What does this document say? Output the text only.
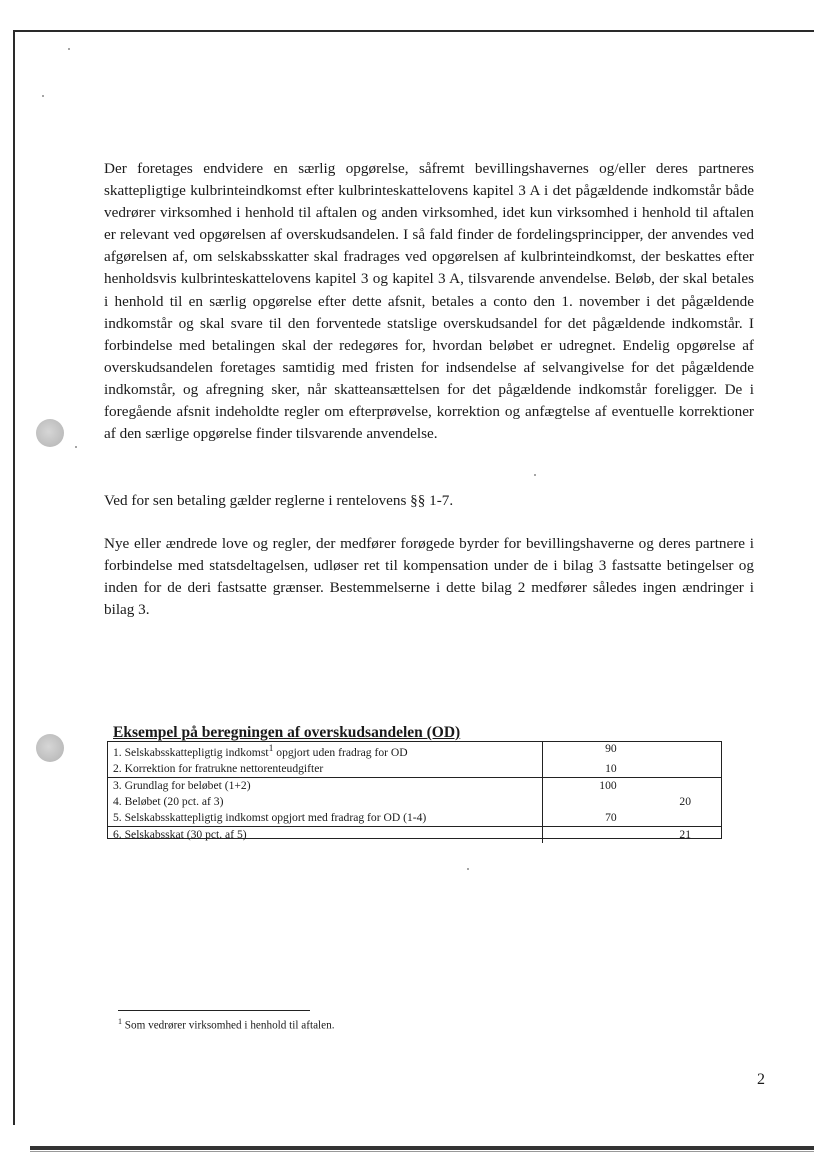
Der foretages endvidere en særlig opgørelse, såfremt bevillingshavernes og/eller deres partneres skattepligtige kulbrinteindkomst efter kulbrinteskattelovens kapitel 3 A i det pågældende indkomstår både vedrører virksomhed i henhold til aftalen og anden virksomhed, idet kun virksomhed i henhold til aftalen er relevant ved opgørelsen af overskudsandelen. I så fald finder de fordelingsprincipper, der anvendes ved afgørelsen af, om selskabsskatter skal fradrages ved opgørelsen af kulbrinteindkomst, der beskattes efter henholdsvis kulbrinteskattelovens kapitel 3 og kapitel 3 A, tilsvarende anvendelse. Beløb, der skal betales i henhold til en særlig opgørelse efter dette afsnit, betales a conto den 1. november i det pågældende indkomstår og skal svare til den forventede statslige overskudsandel for det pågældende indkomstår. I forbindelse med betalingen skal der redegøres for, hvordan beløbet er udregnet. Endelig opgørelse af overskudsandelen foretages samtidig med fristen for indsendelse af selvangivelse for det pågældende indkomstår, og afregning sker, når skatteansættelsen for det pågældende indkomstår foreligger. De i foregående afsnit indeholdte regler om efterprøvelse, korrektion og anfægtelse af eventuelle korrektioner af den særlige opgørelse finder tilsvarende anvendelse.

Ved for sen betaling gælder reglerne i rentelovens §§ 1-7.

Nye eller ændrede love og regler, der medfører forøgede byrder for bevillingshaverne og deres partnere i forbindelse med statsdeltagelsen, udløser ret til kompensation under de i bilag 3 fastsatte betingelser og inden for de deri fastsatte grænser. Bestemmelserne i dette bilag 2 medfører således ingen ændringer i bilag 3.

Eksempel på beregningen af overskudsandelen (OD)

1. Selskabsskattepligtig indkomst$^1$ opgjort uden fradrag for OD	90	
2. Korrektion for fratrukne nettorenteudgifter	10	
3. Grundlag for beløbet (1+2)	100	
4. Beløbet (20 pct. af 3)		20
5. Selskabsskattepligtig indkomst opgjort med fradrag for OD (1-4)	70	
6. Selskabsskat (30 pct. af 5)		21

$^1$ Som vedrører virksomhed i henhold til aftalen.

2
